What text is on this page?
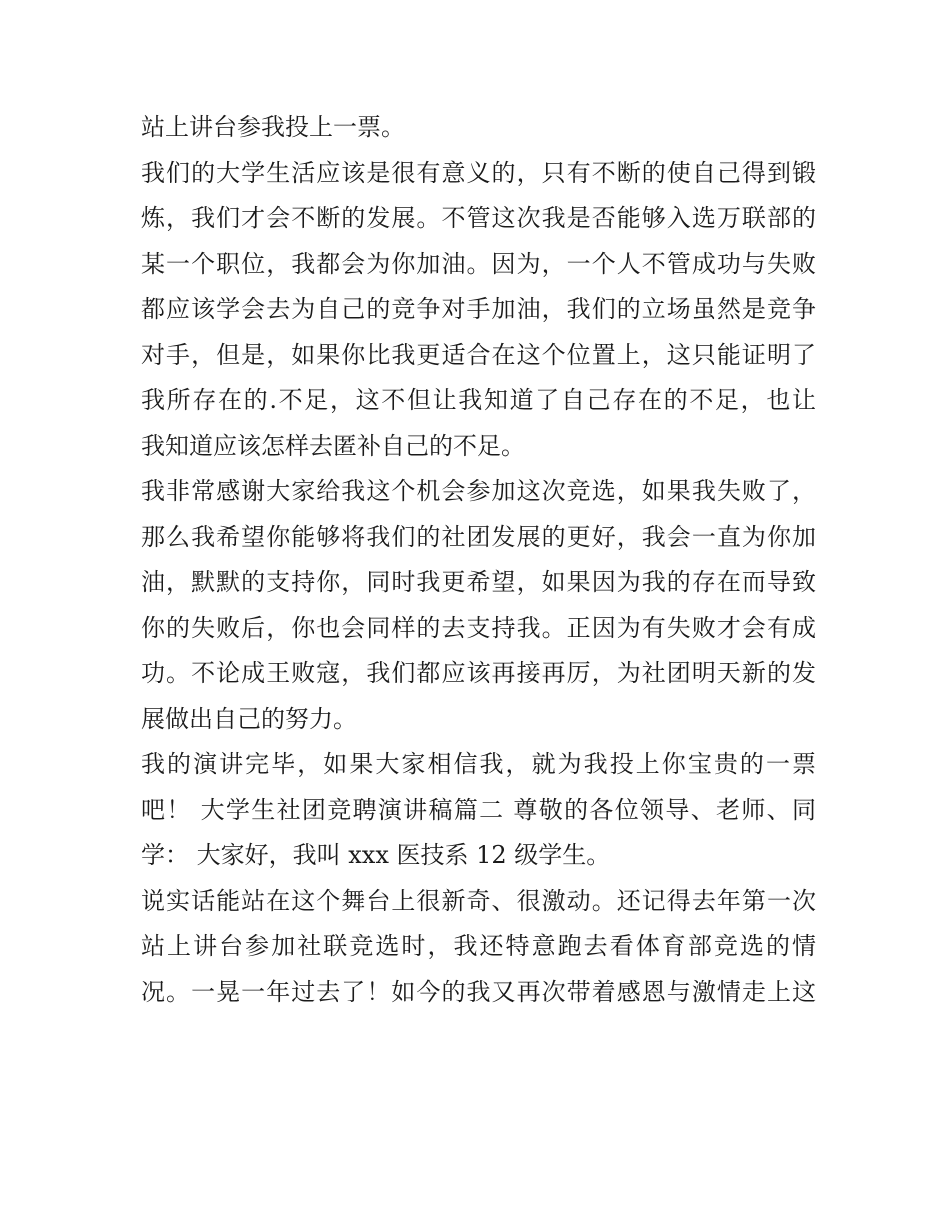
站上讲台参我投上一票。
我们的大学生活应该是很有意义的，只有不断的使自己得到锻
炼，我们才会不断的发展。不管这次我是否能够入选万联部的
某一个职位，我都会为你加油。因为，一个人不管成功与失败
都应该学会去为自己的竞争对手加油，我们的立场虽然是竞争
对手，但是，如果你比我更适合在这个位置上，这只能证明了
我所存在的.不足，这不但让我知道了自己存在的不足，也让
我知道应该怎样去匿补自己的不足。
我非常感谢大家给我这个机会参加这次竞选，如果我失败了，
那么我希望你能够将我们的社团发展的更好，我会一直为你加
油，默默的支持你，同时我更希望，如果因为我的存在而导致
你的失败后，你也会同样的去支持我。正因为有失败才会有成
功。不论成王败寇，我们都应该再接再厉，为社团明天新的发
展做出自己的努力。
我的演讲完毕，如果大家相信我，就为我投上你宝贵的一票
吧！ 大学生社团竞聘演讲稿篇二 尊敬的各位领导、老师、同
学： 大家好，我叫 xxx 医技系 12 级学生。
说实话能站在这个舞台上很新奇、很激动。还记得去年第一次
站上讲台参加社联竞选时，我还特意跑去看体育部竞选的情
况。一晃一年过去了！如今的我又再次带着感恩与激情走上这
